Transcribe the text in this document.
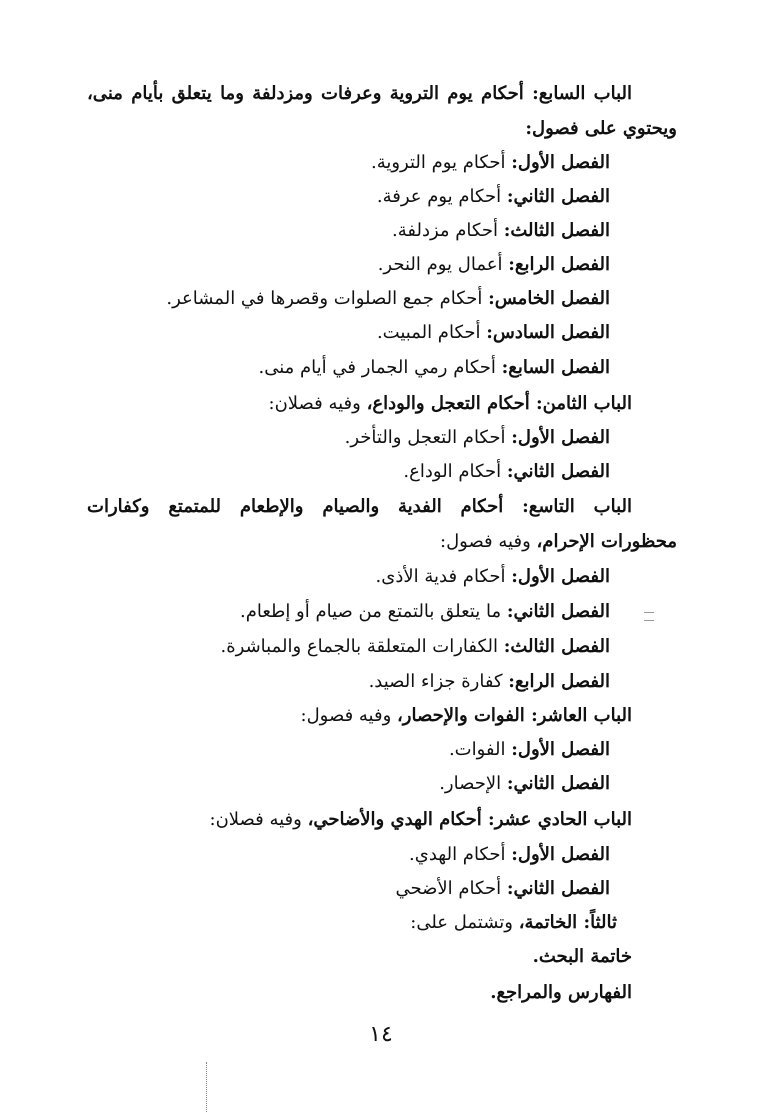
الباب السابع: أحكام يوم التروية وعرفات ومزدلفة وما يتعلق بأيام منى،
ويحتوي على فصول:
الفصل الأول: أحكام يوم التروية.
الفصل الثاني: أحكام يوم عرفة.
الفصل الثالث: أحكام مزدلفة.
الفصل الرابع: أعمال يوم النحر.
الفصل الخامس: أحكام جمع الصلوات وقصرها في المشاعر.
الفصل السادس: أحكام المبيت.
الفصل السابع: أحكام رمي الجمار في أيام منى.
الباب الثامن: أحكام التعجل والوداع، وفيه فصلان:
الفصل الأول: أحكام التعجل والتأخر.
الفصل الثاني: أحكام الوداع.
الباب التاسع: أحكام الفدية والصيام والإطعام للمتمتع وكفارات
محظورات الإحرام، وفيه فصول:
الفصل الأول: أحكام فدية الأذى.
الفصل الثاني: ما يتعلق بالتمتع من صيام أو إطعام.
الفصل الثالث: الكفارات المتعلقة بالجماع والمباشرة.
الفصل الرابع: كفارة جزاء الصيد.
الباب العاشر: الفوات والإحصار، وفيه فصول:
الفصل الأول: الفوات.
الفصل الثاني: الإحصار.
الباب الحادي عشر: أحكام الهدي والأضاحي، وفيه فصلان:
الفصل الأول: أحكام الهدي.
الفصل الثاني: أحكام الأضحي
ثالثاً: الخاتمة، وتشتمل على:
خاتمة البحث.
الفهارس والمراجع.
١٤
